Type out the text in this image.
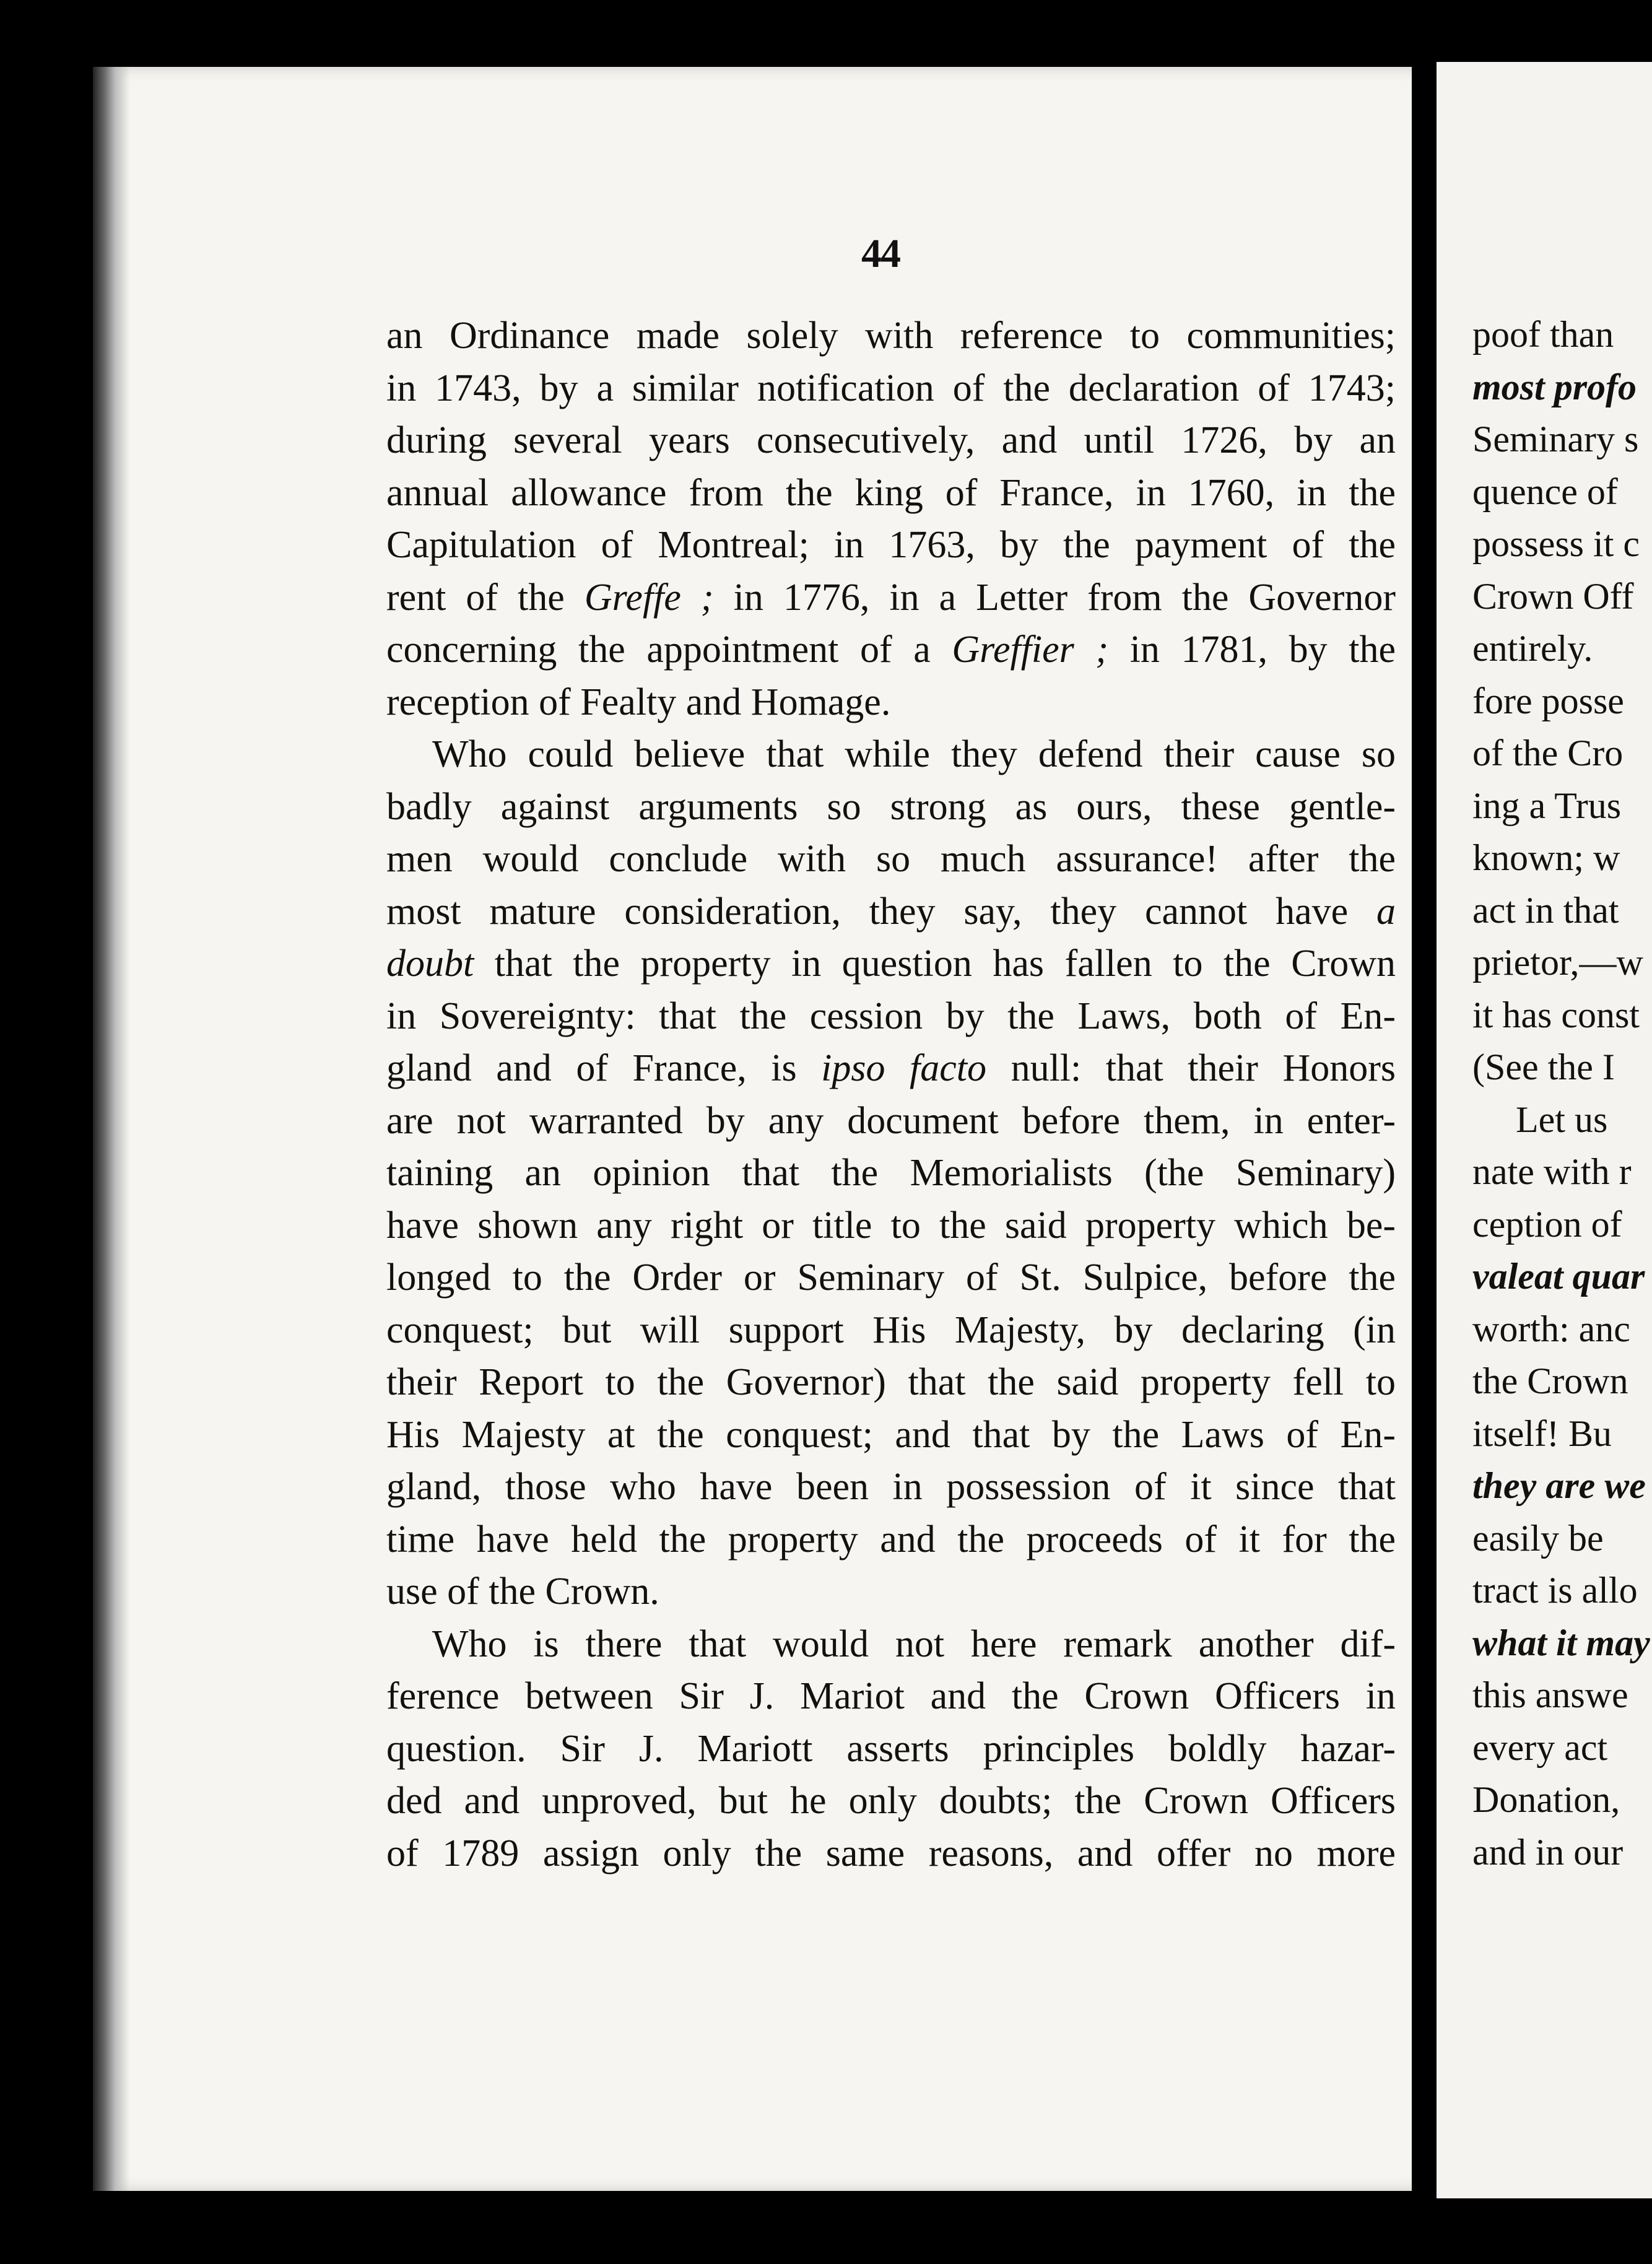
44
an Ordinance made solely with reference to communities;
in 1743, by a similar notification of the declaration of 1743;
during several years consecutively, and until 1726, by an
annual allowance from the king of France, in 1760, in the
Capitulation of Montreal; in 1763, by the payment of the
rent of the Greffe ; in 1776, in a Letter from the Governor
concerning the appointment of a Greffier ; in 1781, by the
reception of Fealty and Homage.
Who could believe that while they defend their cause so
badly against arguments so strong as ours, these gentle-
men would conclude with so much assurance! after the
most mature consideration, they say, they cannot have a
doubt that the property in question has fallen to the Crown
in Sovereignty: that the cession by the Laws, both of En-
gland and of France, is ipso facto null: that their Honors
are not warranted by any document before them, in enter-
taining an opinion that the Memorialists (the Seminary)
have shown any right or title to the said property which be-
longed to the Order or Seminary of St. Sulpice, before the
conquest; but will support His Majesty, by declaring (in
their Report to the Governor) that the said property fell to
His Majesty at the conquest; and that by the Laws of En-
gland, those who have been in possession of it since that
time have held the property and the proceeds of it for the
use of the Crown.
Who is there that would not here remark another dif-
ference between Sir J. Mariot and the Crown Officers in
question. Sir J. Mariott asserts principles boldly hazar-
ded and unproved, but he only doubts; the Crown Officers
of 1789 assign only the same reasons, and offer no more
poof than
most profo
Seminary s
quence of
possess it c
Crown Off
entirely.
fore posse
of the Cro
ing a Trus
known; w
act in that
prietor,—w
it has const
(See the I
Let us
nate with r
ception of
valeat quar
worth: anc
the Crown
itself! Bu
they are we
easily be
tract is allo
what it may
this answe
every act
Donation,
and in our
